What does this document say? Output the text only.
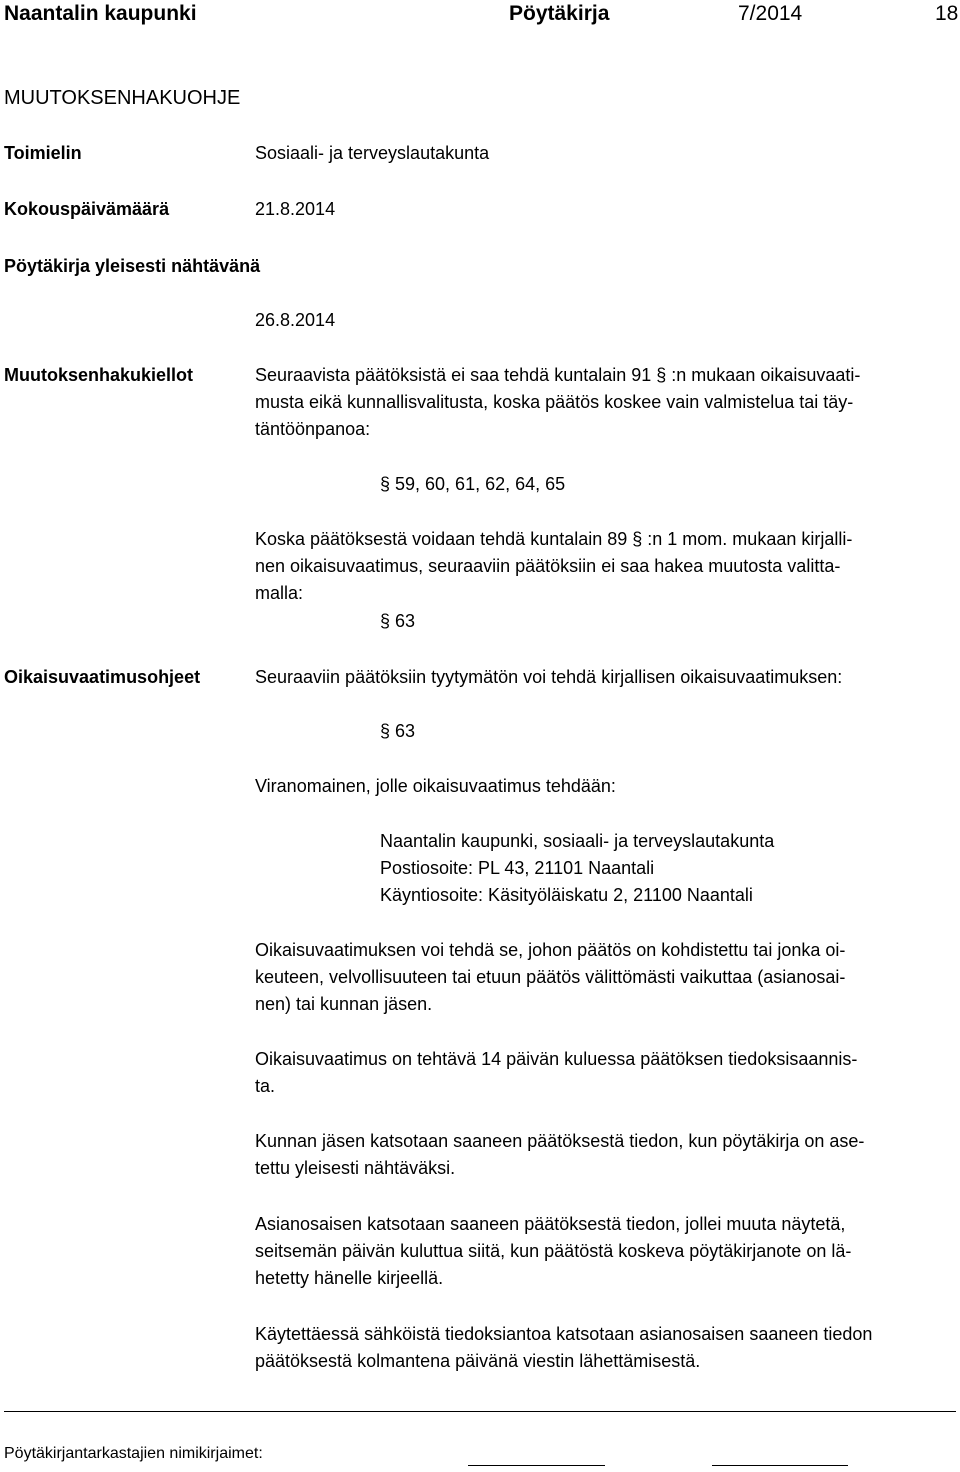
Naantalin kaupunki	Pöytäkirja	7/2014	18
MUUTOKSENHAKUOHJE
Toimielin	Sosiaali- ja terveyslautakunta
Kokouspäivämäärä	21.8.2014
Pöytäkirja yleisesti nähtävänä
26.8.2014
Muutoksenhakukiellot	Seuraavista päätöksistä ei saa tehdä kuntalain 91 § :n mukaan oikaisuvaati-
musta eikä kunnallisvalitusta, koska päätös koskee vain valmistelua tai täy-
täntöönpanoa:
§ 59, 60, 61, 62, 64, 65
Koska päätöksestä voidaan tehdä kuntalain 89 § :n 1 mom. mukaan kirjalli-
nen oikaisuvaatimus, seuraaviin päätöksiin ei saa hakea muutosta valitta-
malla:
§ 63
Oikaisuvaatimusohjeet	Seuraaviin päätöksiin tyytymätön voi tehdä kirjallisen oikaisuvaatimuksen:
§ 63
Viranomainen, jolle oikaisuvaatimus tehdään:
Naantalin kaupunki, sosiaali- ja terveyslautakunta
Postiosoite: PL 43, 21101 Naantali
Käyntiosoite: Käsityöläiskatu 2, 21100 Naantali
Oikaisuvaatimuksen voi tehdä se, johon päätös on kohdistettu tai jonka oi-
keuteen, velvollisuuteen tai etuun päätös välittömästi vaikuttaa (asianosai-
nen) tai kunnan jäsen.
Oikaisuvaatimus on tehtävä 14 päivän kuluessa päätöksen tiedoksisaannis-
ta.
Kunnan jäsen katsotaan saaneen päätöksestä tiedon, kun pöytäkirja on ase-
tettu yleisesti nähtäväksi.
Asianosaisen katsotaan saaneen päätöksestä tiedon, jollei muuta näytetä,
seitsemän päivän kuluttua siitä, kun päätöstä koskeva pöytäkirjanote on lä-
hetetty hänelle kirjeellä.
Käytettäessä sähköistä tiedoksiantoa katsotaan asianosaisen saaneen tiedon
päätöksestä kolmantena päivänä viestin lähettämisestä.
Pöytäkirjantarkastajien nimikirjaimet:
